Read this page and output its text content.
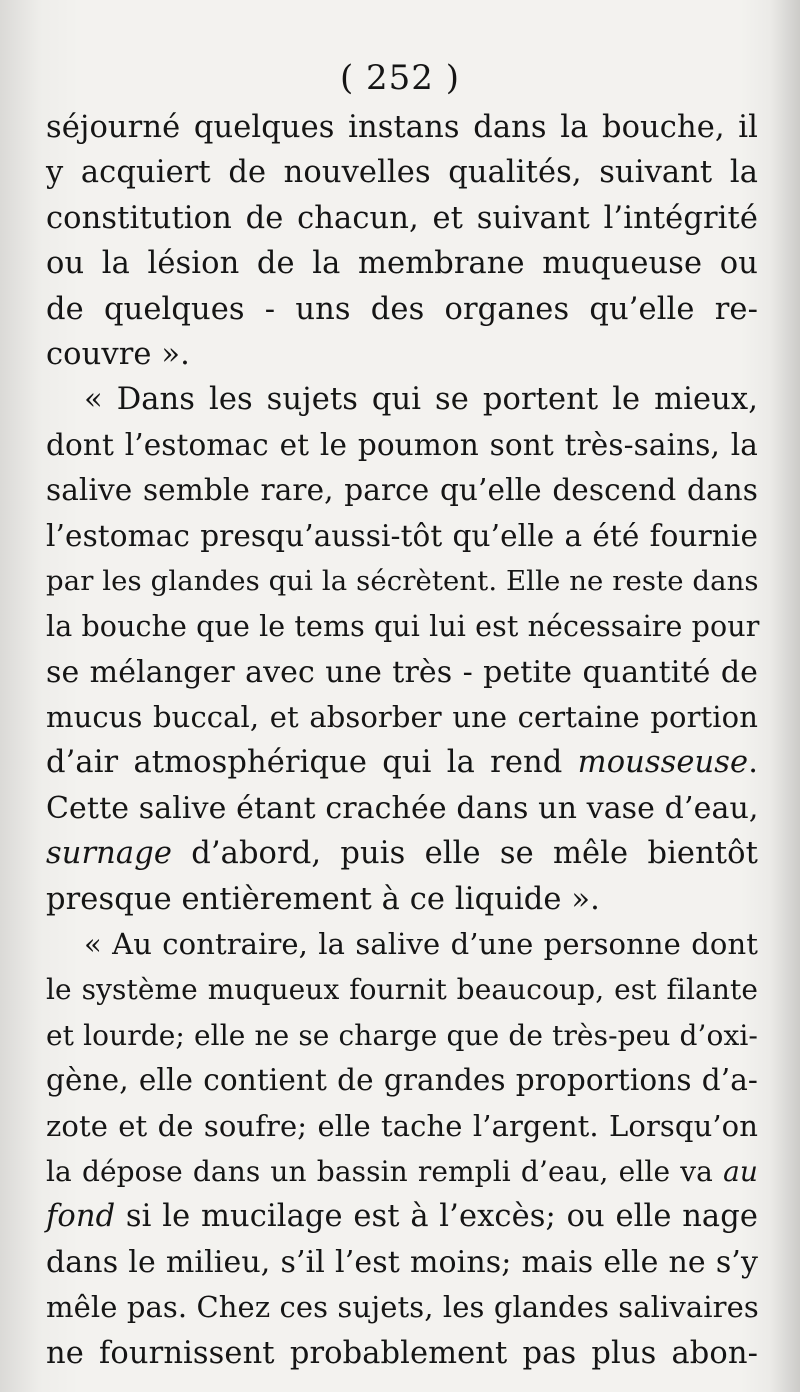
( 252 )
séjourné quelques instans dans la bouche, il
y acquiert de nouvelles qualités, suivant la
constitution de chacun, et suivant l’intégrité
ou la lésion de la membrane muqueuse ou
de quelques - uns des organes qu’elle re-
couvre ».
« Dans les sujets qui se portent le mieux,
dont l’estomac et le poumon sont très-sains, la
salive semble rare, parce qu’elle descend dans
l’estomac presqu’aussi-tôt qu’elle a été fournie
par les glandes qui la sécrètent. Elle ne reste dans
la bouche que le tems qui lui est nécessaire pour
se mélanger avec une très - petite quantité de
mucus buccal, et absorber une certaine portion
d’air atmosphérique qui la rend mousseuse.
Cette salive étant crachée dans un vase d’eau,
surnage d’abord, puis elle se mêle bientôt
presque entièrement à ce liquide ».
« Au contraire, la salive d’une personne dont
le système muqueux fournit beaucoup, est filante
et lourde; elle ne se charge que de très-peu d’oxi-
gène, elle contient de grandes proportions d’a-
zote et de soufre; elle tache l’argent. Lorsqu’on
la dépose dans un bassin rempli d’eau, elle va au
fond si le mucilage est à l’excès; ou elle nage
dans le milieu, s’il l’est moins; mais elle ne s’y
mêle pas. Chez ces sujets, les glandes salivaires
ne fournissent probablement pas plus abon-
